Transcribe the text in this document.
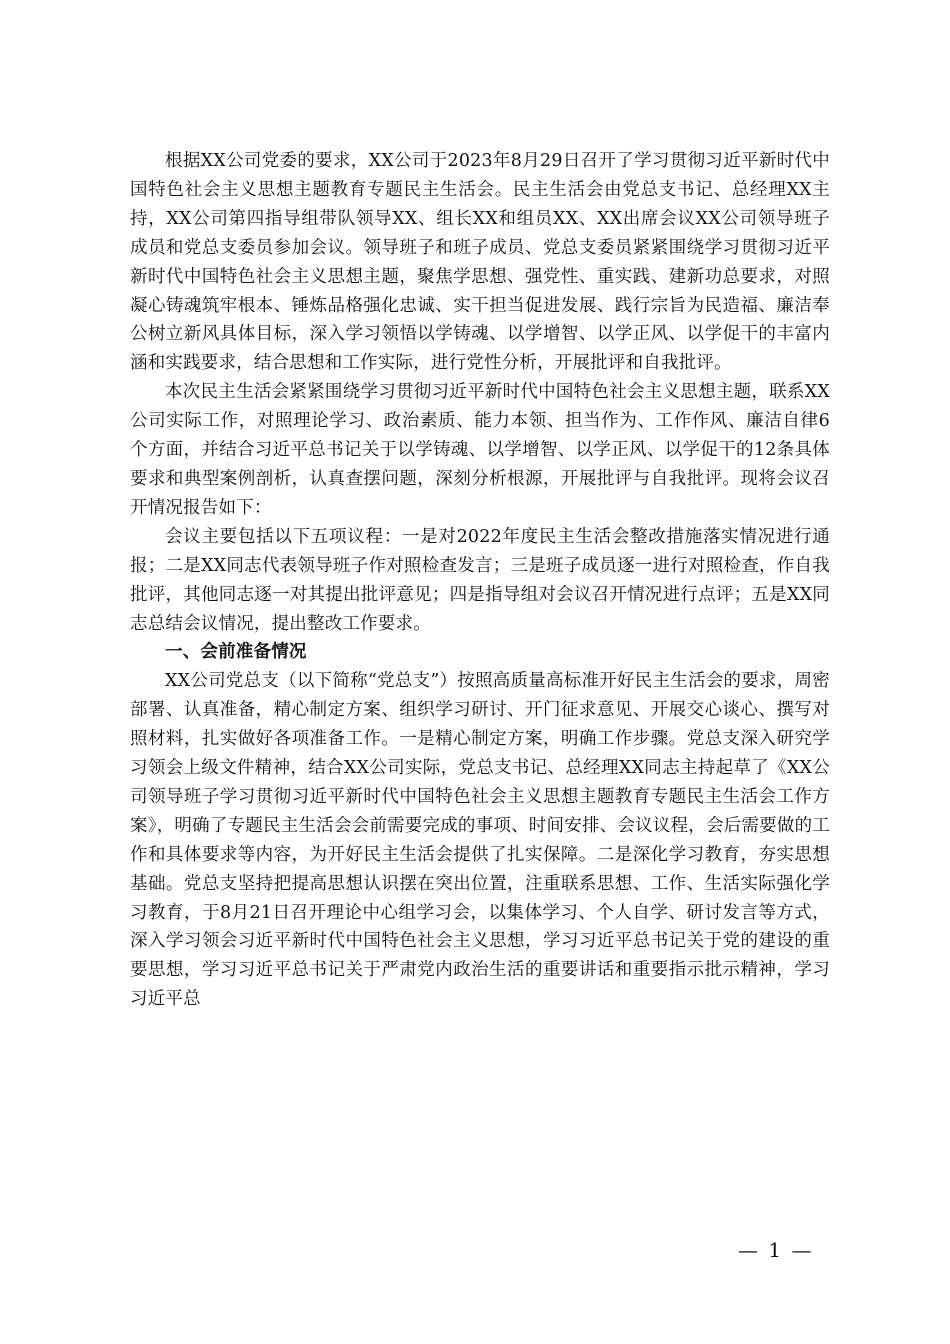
根据XX公司党委的要求，XX公司于2023年8月29日召开了学习贯彻习近平新时代中国特色社会主义思想主题教育专题民主生活会。民主生活会由党总支书记、总经理XX主持，XX公司第四指导组带队领导XX、组长XX和组员XX、XX出席会议XX公司领导班子成员和党总支委员参加会议。领导班子和班子成员、党总支委员紧紧围绕学习贯彻习近平新时代中国特色社会主义思想主题，聚焦学思想、强党性、重实践、建新功总要求，对照凝心铸魂筑牢根本、锤炼品格强化忠诚、实干担当促进发展、践行宗旨为民造福、廉洁奉公树立新风具体目标，深入学习领悟以学铸魂、以学增智、以学正风、以学促干的丰富内涵和实践要求，结合思想和工作实际，进行党性分析，开展批评和自我批评。

本次民主生活会紧紧围绕学习贯彻习近平新时代中国特色社会主义思想主题，联系XX公司实际工作，对照理论学习、政治素质、能力本领、担当作为、工作作风、廉洁自律6个方面，并结合习近平总书记关于以学铸魂、以学增智、以学正风、以学促干的12条具体要求和典型案例剖析，认真查摆问题，深刻分析根源，开展批评与自我批评。现将会议召开情况报告如下：

会议主要包括以下五项议程：一是对2022年度民主生活会整改措施落实情况进行通报；二是XX同志代表领导班子作对照检查发言；三是班子成员逐一进行对照检查，作自我批评，其他同志逐一对其提出批评意见；四是指导组对会议召开情况进行点评；五是XX同志总结会议情况，提出整改工作要求。

一、会前准备情况

XX公司党总支（以下简称“党总支”）按照高质量高标准开好民主生活会的要求，周密部署、认真准备，精心制定方案、组织学习研讨、开门征求意见、开展交心谈心、撰写对照材料，扎实做好各项准备工作。一是精心制定方案，明确工作步骤。党总支深入研究学习领会上级文件精神，结合XX公司实际，党总支书记、总经理XX同志主持起草了《XX公司领导班子学习贯彻习近平新时代中国特色社会主义思想主题教育专题民主生活会工作方案》，明确了专题民主生活会会前需要完成的事项、时间安排、会议议程，会后需要做的工作和具体要求等内容，为开好民主生活会提供了扎实保障。二是深化学习教育，夯实思想基础。党总支坚持把提高思想认识摆在突出位置，注重联系思想、工作、生活实际强化学习教育，于8月21日召开理论中心组学习会，以集体学习、个人自学、研讨发言等方式，深入学习领会习近平新时代中国特色社会主义思想，学习习近平总书记关于党的建设的重要思想，学习习近平总书记关于严肃党内政治生活的重要讲话和重要指示批示精神，学习习近平总

— 1 —
